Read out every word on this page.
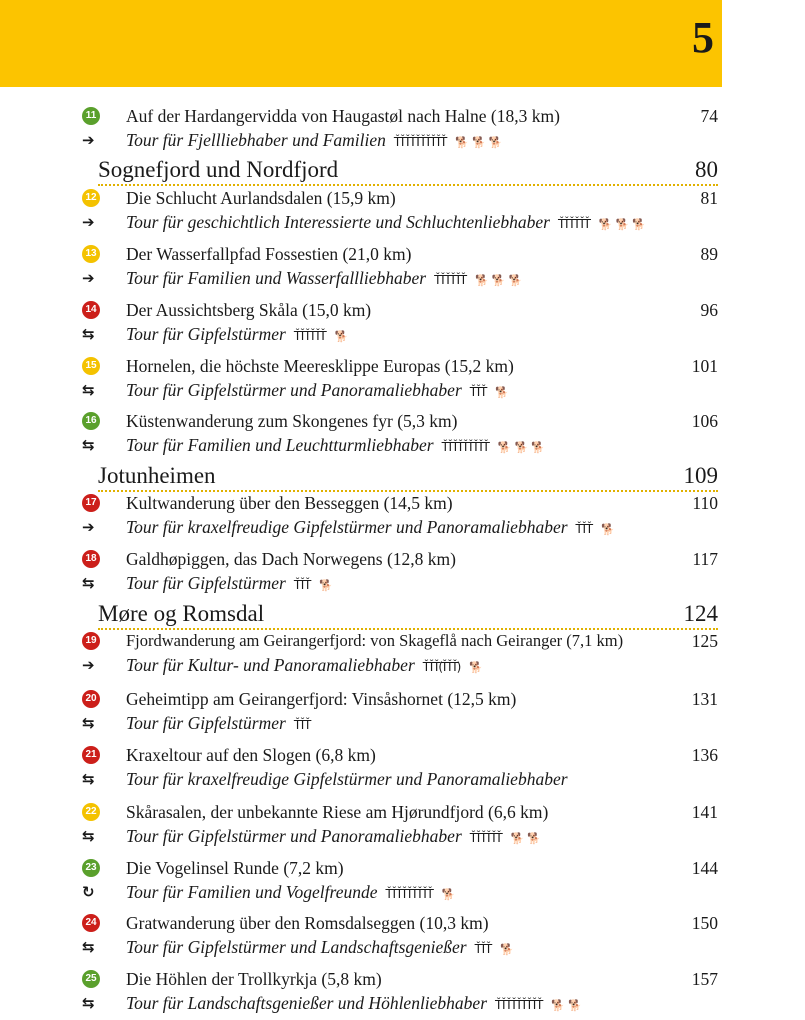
5
11 Auf der Hardangervidda von Haugastøl nach Halne (18,3 km)	74
➔	Tour für Fjellliebhaber und Familien ŤŤŤŤŤŤŤŤŤŤ 🐕🐕🐕
Sognefjord und Nordfjord	80
12 Die Schlucht Aurlandsdalen (15,9 km)	81
➔	Tour für geschichtlich Interessierte und Schluchtenliebhaber ŤŤŤŤŤŤ 🐕🐕🐕
13 Der Wasserfallpfad Fossestien (21,0 km)	89
➔	Tour für Familien und Wasserfallliebhaber ŤŤŤŤŤŤ 🐕🐕🐕
14 Der Aussichtsberg Skåla (15,0 km)	96
⇆	Tour für Gipfelstürmer ŤŤŤŤŤŤ 🐕
15 Hornelen, die höchste Meeresklippe Europas (15,2 km)	101
⇆	Tour für Gipfelstürmer und Panoramaliebhaber ŤŤŤ 🐕
16 Küstenwanderung zum Skongenes fyr (5,3 km)	106
⇆	Tour für Familien und Leuchtturmliebhaber ŤŤŤŤŤŤŤŤŤ 🐕🐕🐕
Jotunheimen	109
17 Kultwanderung über den Besseggen (14,5 km)	110
➔	Tour für kraxelfreudige Gipfelstürmer und Panoramaliebhaber ŤŤŤ 🐕
18 Galdhøpiggen, das Dach Norwegens (12,8 km)	117
⇆	Tour für Gipfelstürmer ŤŤŤ 🐕
Møre og Romsdal	124
19 Fjordwanderung am Geirangerfjord: von Skageflå nach Geiranger (7,1 km)	125
➔	Tour für Kultur- und Panoramaliebhaber ŤŤŤ(ŤŤŤ) 🐕
20 Geheimtipp am Geirangerfjord: Vinsåshornet (12,5 km)	131
⇆	Tour für Gipfelstürmer ŤŤŤ
21 Kraxeltour auf den Slogen (6,8 km)	136
⇆	Tour für kraxelfreudige Gipfelstürmer und Panoramaliebhaber
22 Skårasalen, der unbekannte Riese am Hjørundfjord (6,6 km)	141
⇆	Tour für Gipfelstürmer und Panoramaliebhaber ŤŤŤŤŤŤ 🐕🐕
23 Die Vogelinsel Runde (7,2 km)	144
↻	Tour für Familien und Vogelfreunde ŤŤŤŤŤŤŤŤŤ 🐕
24 Gratwanderung über den Romsdalseggen (10,3 km)	150
⇆	Tour für Gipfelstürmer und Landschaftsgenießer ŤŤŤ 🐕
25 Die Höhlen der Trollkyrkja (5,8 km)	157
⇆	Tour für Landschaftsgenießer und Höhlenliebhaber ŤŤŤŤŤŤŤŤŤ 🐕🐕
